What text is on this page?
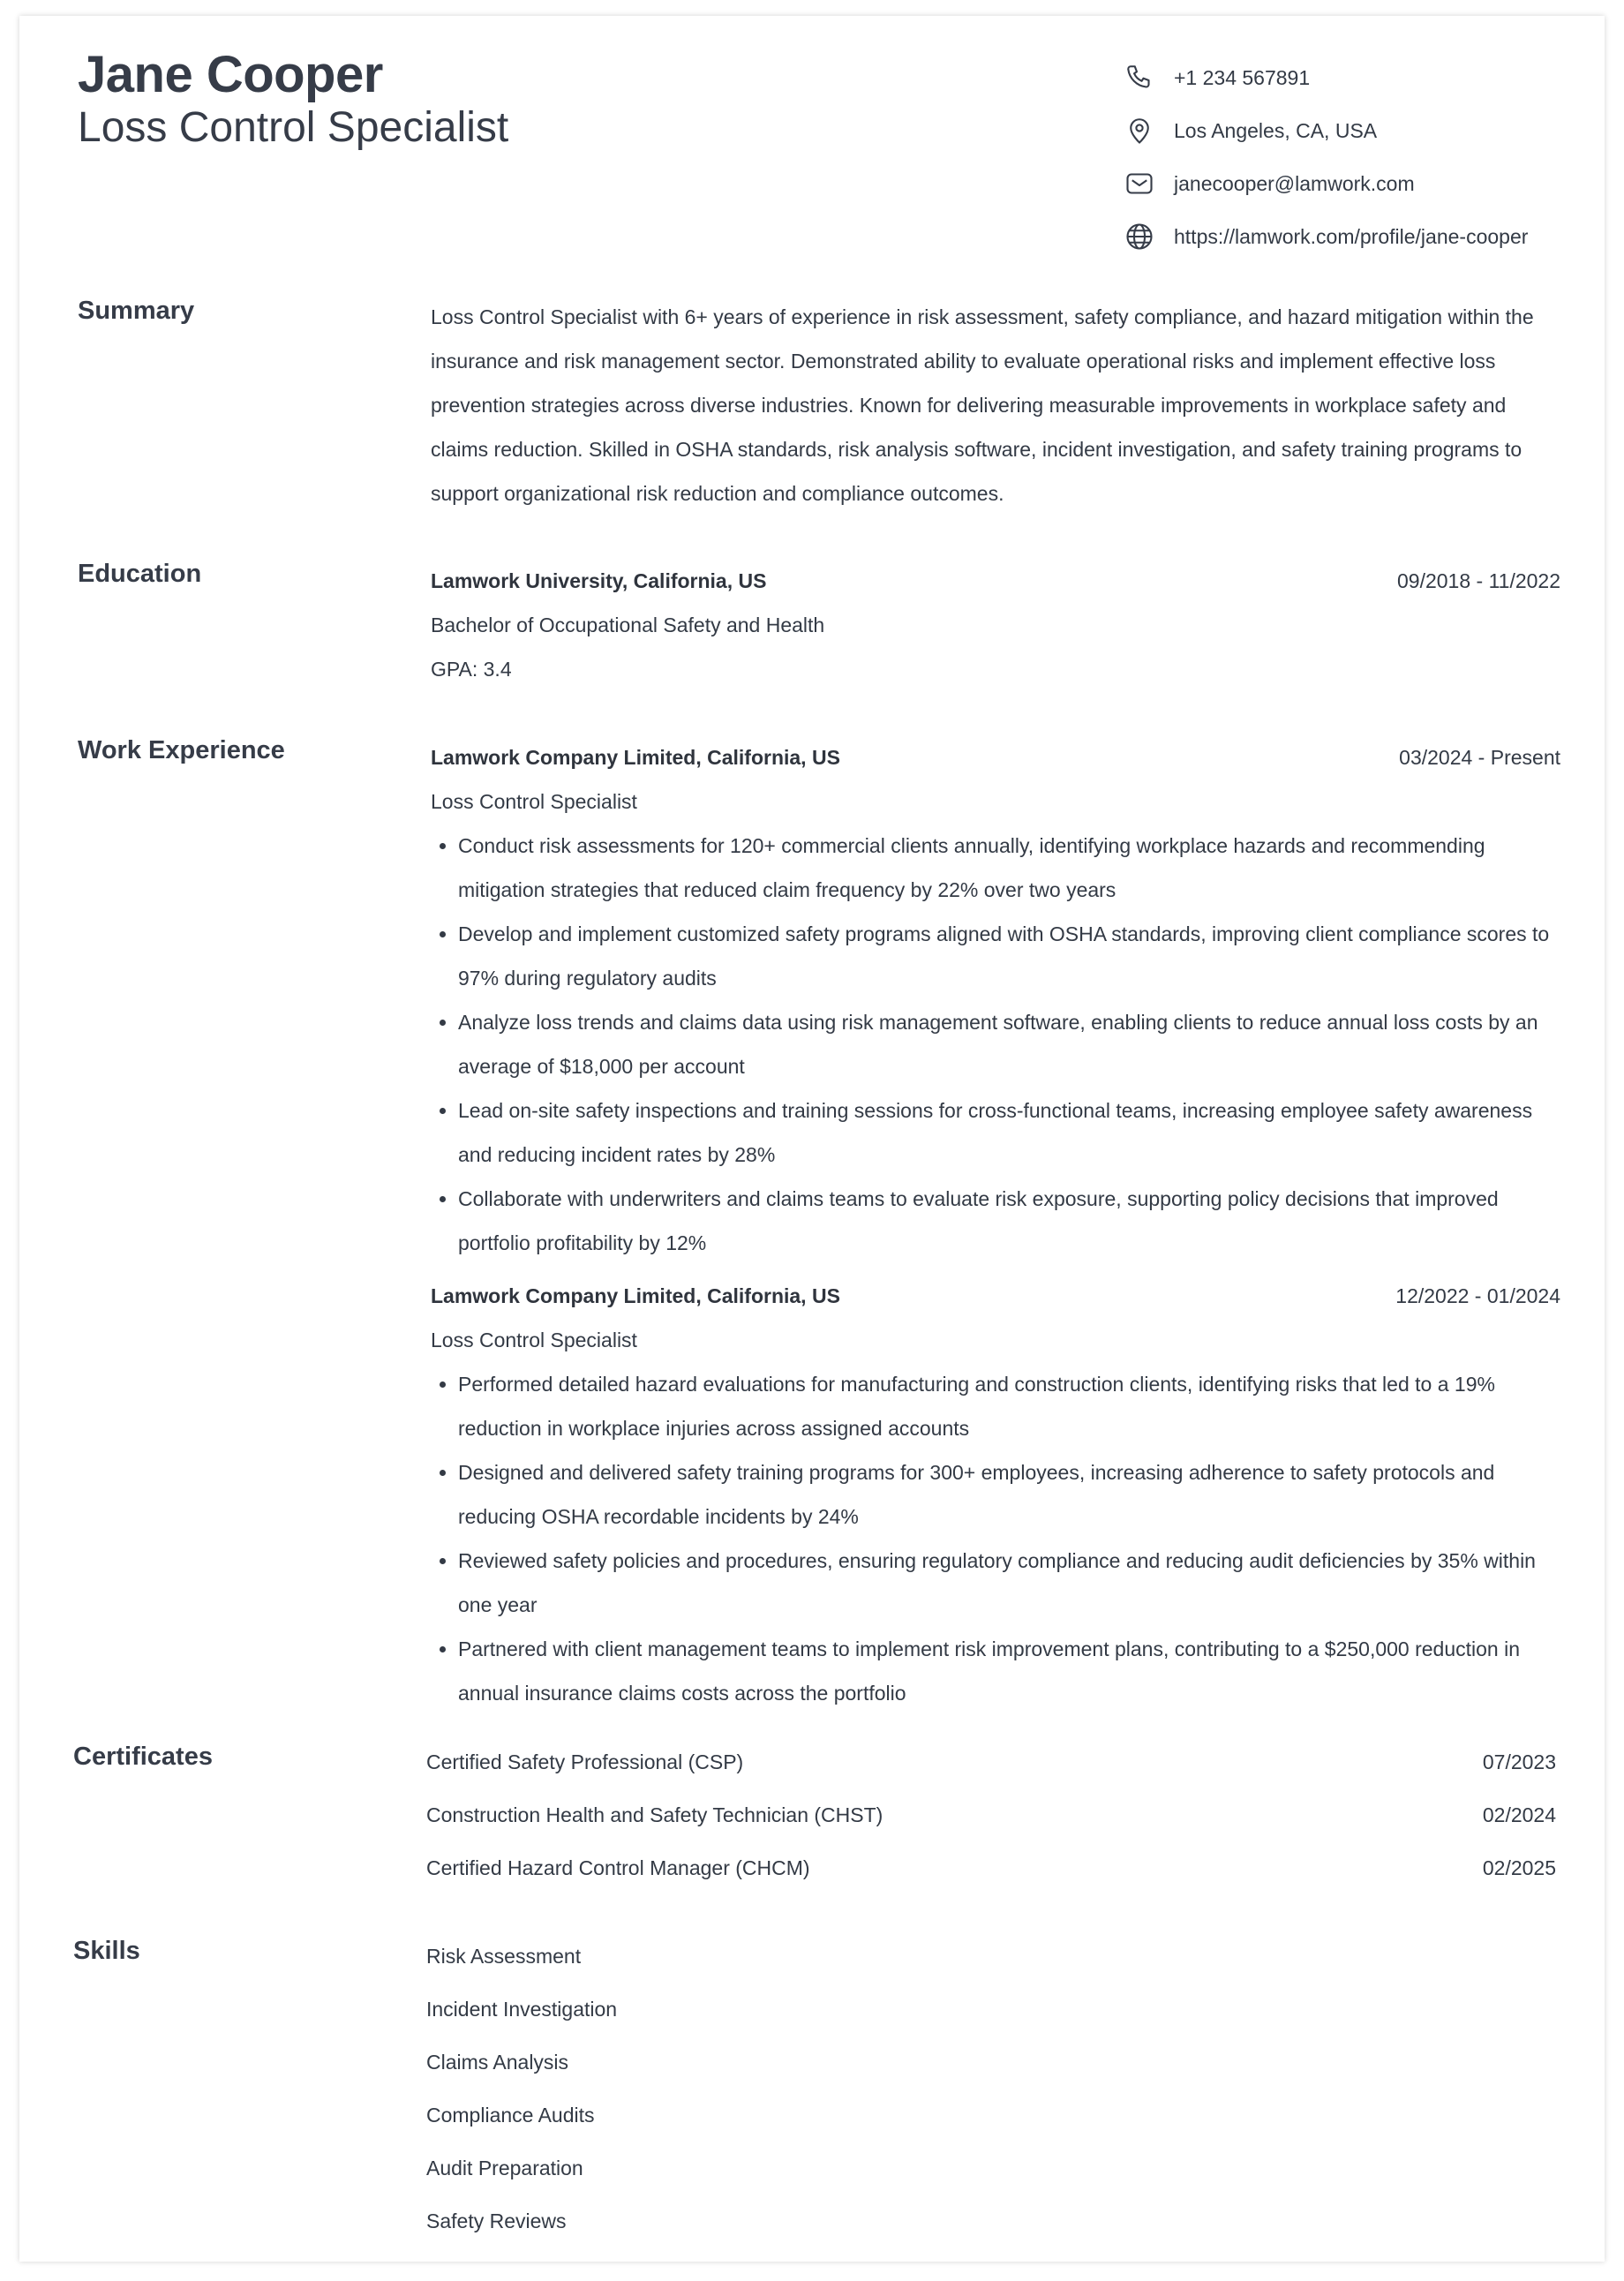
Jane Cooper
Loss Control Specialist
+1 234 567891
Los Angeles, CA, USA
janecooper@lamwork.com
https://lamwork.com/profile/jane-cooper
Summary	Loss Control Specialist with 6+ years of experience in risk assessment, safety compliance, and hazard mitigation within the insurance and risk management sector. Demonstrated ability to evaluate operational risks and implement effective loss prevention strategies across diverse industries. Known for delivering measurable improvements in workplace safety and claims reduction. Skilled in OSHA standards, risk analysis software, incident investigation, and safety training programs to support organizational risk reduction and compliance outcomes.

Education	Lamwork University, California, US	09/2018 - 11/2022
Bachelor of Occupational Safety and Health
GPA: 3.4
Work Experience	Lamwork Company Limited, California, US	03/2024 - Present
Loss Control Specialist
• Conduct risk assessments for 120+ commercial clients annually, identifying workplace hazards and recommending mitigation strategies that reduced claim frequency by 22% over two years
• Develop and implement customized safety programs aligned with OSHA standards, improving client compliance scores to 97% during regulatory audits
• Analyze loss trends and claims data using risk management software, enabling clients to reduce annual loss costs by an average of $18,000 per account
• Lead on-site safety inspections and training sessions for cross-functional teams, increasing employee safety awareness and reducing incident rates by 28%
• Collaborate with underwriters and claims teams to evaluate risk exposure, supporting policy decisions that improved portfolio profitability by 12%
Lamwork Company Limited, California, US	12/2022 - 01/2024
Loss Control Specialist
• Performed detailed hazard evaluations for manufacturing and construction clients, identifying risks that led to a 19% reduction in workplace injuries across assigned accounts
• Designed and delivered safety training programs for 300+ employees, increasing adherence to safety protocols and reducing OSHA recordable incidents by 24%
• Reviewed safety policies and procedures, ensuring regulatory compliance and reducing audit deficiencies by 35% within one year
• Partnered with client management teams to implement risk improvement plans, contributing to a $250,000 reduction in annual insurance claims costs across the portfolio
Certificates	Certified Safety Professional (CSP)	07/2023
Construction Health and Safety Technician (CHST)	02/2024
Certified Hazard Control Manager (CHCM)	02/2025
Skills	Risk Assessment
Incident Investigation
Claims Analysis
Compliance Audits
Audit Preparation
Safety Reviews
